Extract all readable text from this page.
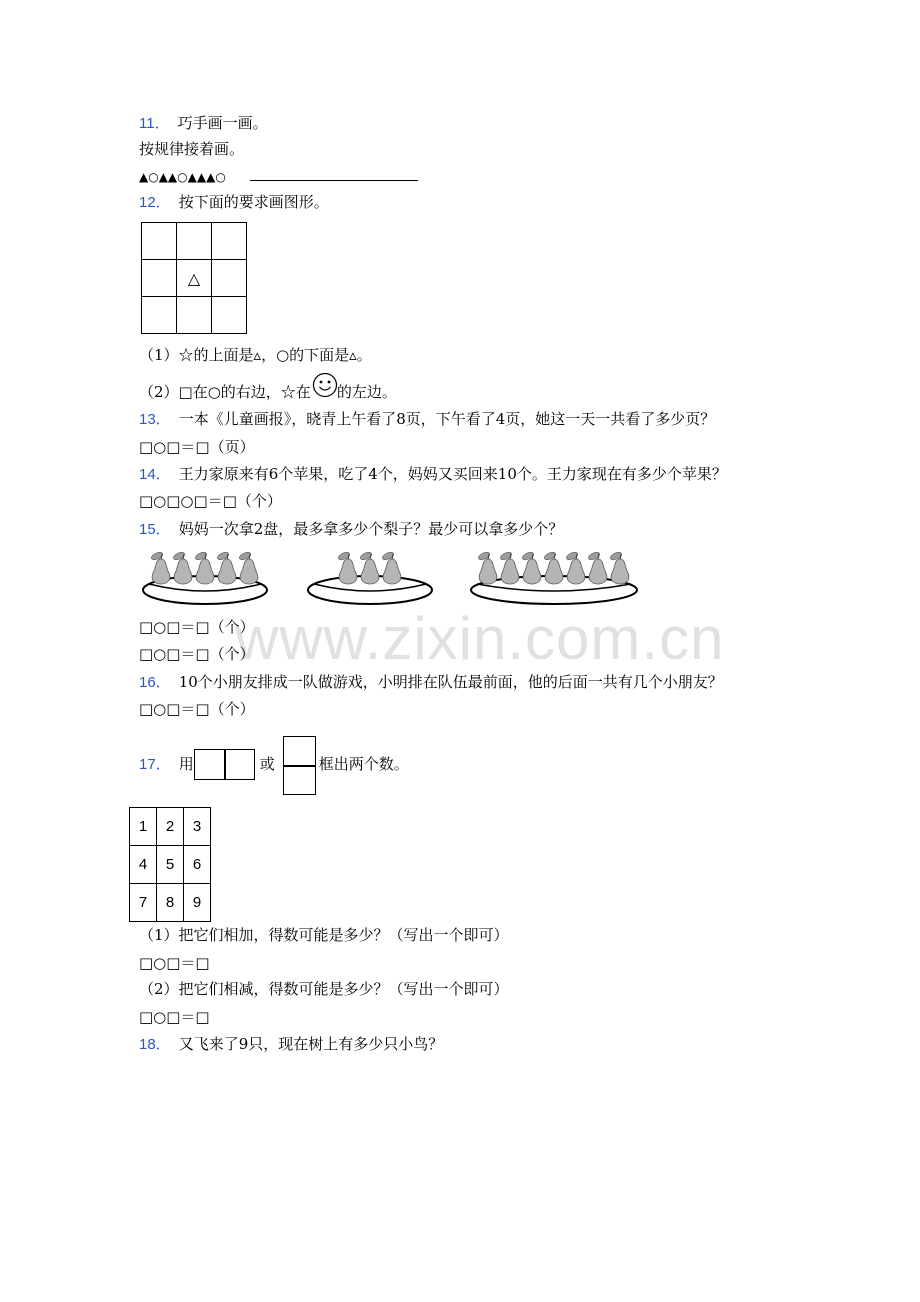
www.zixin.com.cn
11． 巧手画一画。
按规律接着画。
▲○▲▲○▲▲▲○
12． 按下面的要求画图形。

	△	

（1）☆的上面是▵，○的下面是▵。
（2）□在○的右边，☆在 的左边。
13． 一本《儿童画报》，晓青上午看了8页，下午看了4页，她这一天一共看了多少页？
□○□＝□（页）
14． 王力家原来有6个苹果，吃了4个，妈妈又买回来10个。王力家现在有多少个苹果？
□○□○□＝□（个）
15． 妈妈一次拿2盘，最多拿多少个梨子？最少可以拿多少个？
□○□＝□（个）
□○□＝□（个）
16． 10个小朋友排成一队做游戏，小明排在队伍最前面，他的后面一共有几个小朋友？
□○□＝□（个）
17． 用	或	框出两个数。
1	2	3
4	5	6
7	8	9
（1）把它们相加，得数可能是多少？（写出一个即可）
□○□＝□
（2）把它们相减，得数可能是多少？（写出一个即可）
□○□＝□
18． 又飞来了9只，现在树上有多少只小鸟？
